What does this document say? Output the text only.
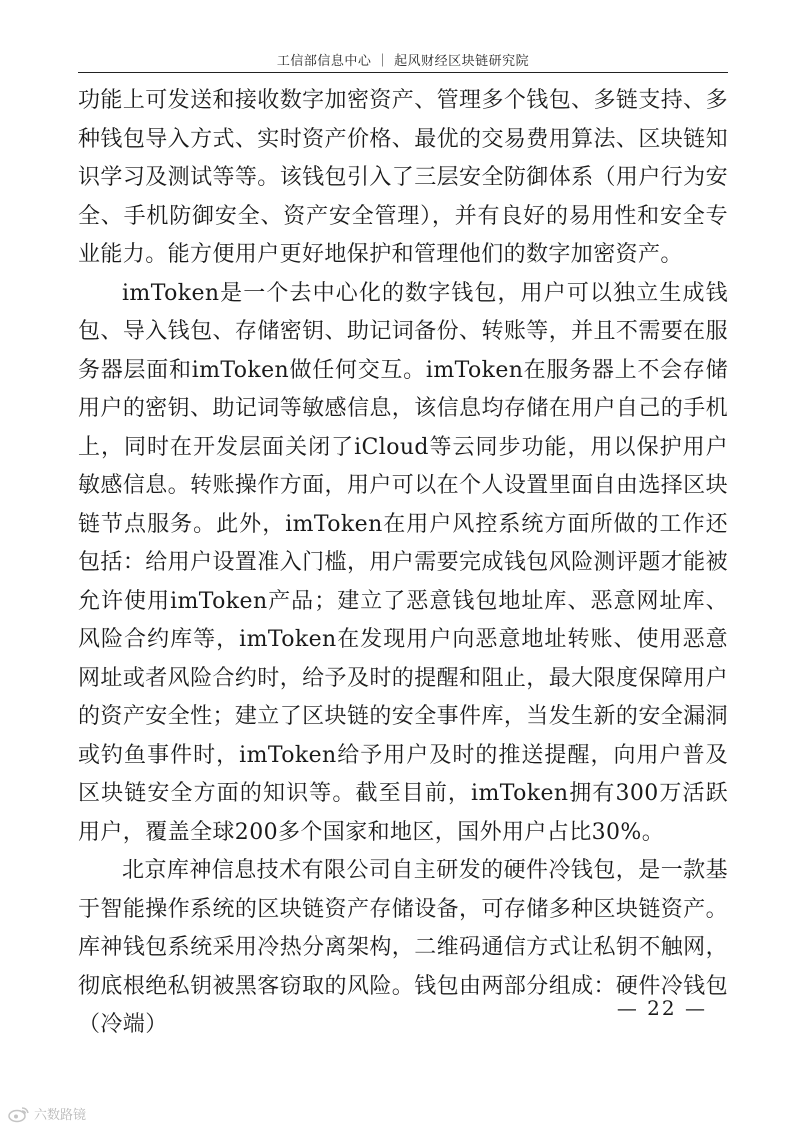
工信部信息中心 ｜ 起风财经区块链研究院

功能上可发送和接收数字加密资产、管理多个钱包、多链支持、多种钱包导入方式、实时资产价格、最优的交易费用算法、区块链知识学习及测试等等。该钱包引入了三层安全防御体系（用户行为安全、手机防御安全、资产安全管理），并有良好的易用性和安全专业能力。能方便用户更好地保护和管理他们的数字加密资产。

imToken是一个去中心化的数字钱包，用户可以独立生成钱包、导入钱包、存储密钥、助记词备份、转账等，并且不需要在服务器层面和imToken做任何交互。imToken在服务器上不会存储用户的密钥、助记词等敏感信息，该信息均存储在用户自己的手机上，同时在开发层面关闭了iCloud等云同步功能，用以保护用户敏感信息。转账操作方面，用户可以在个人设置里面自由选择区块链节点服务。此外，imToken在用户风控系统方面所做的工作还包括：给用户设置准入门槛，用户需要完成钱包风险测评题才能被允许使用imToken产品；建立了恶意钱包地址库、恶意网址库、风险合约库等，imToken在发现用户向恶意地址转账、使用恶意网址或者风险合约时，给予及时的提醒和阻止，最大限度保障用户的资产安全性；建立了区块链的安全事件库，当发生新的安全漏洞或钓鱼事件时，imToken给予用户及时的推送提醒，向用户普及区块链安全方面的知识等。截至目前，imToken拥有300万活跃用户，覆盖全球200多个国家和地区，国外用户占比30%。

北京库神信息技术有限公司自主研发的硬件冷钱包，是一款基于智能操作系统的区块链资产存储设备，可存储多种区块链资产。库神钱包系统采用冷热分离架构，二维码通信方式让私钥不触网，彻底根绝私钥被黑客窃取的风险。钱包由两部分组成：硬件冷钱包（冷端）

— 22 —
六数路镜
